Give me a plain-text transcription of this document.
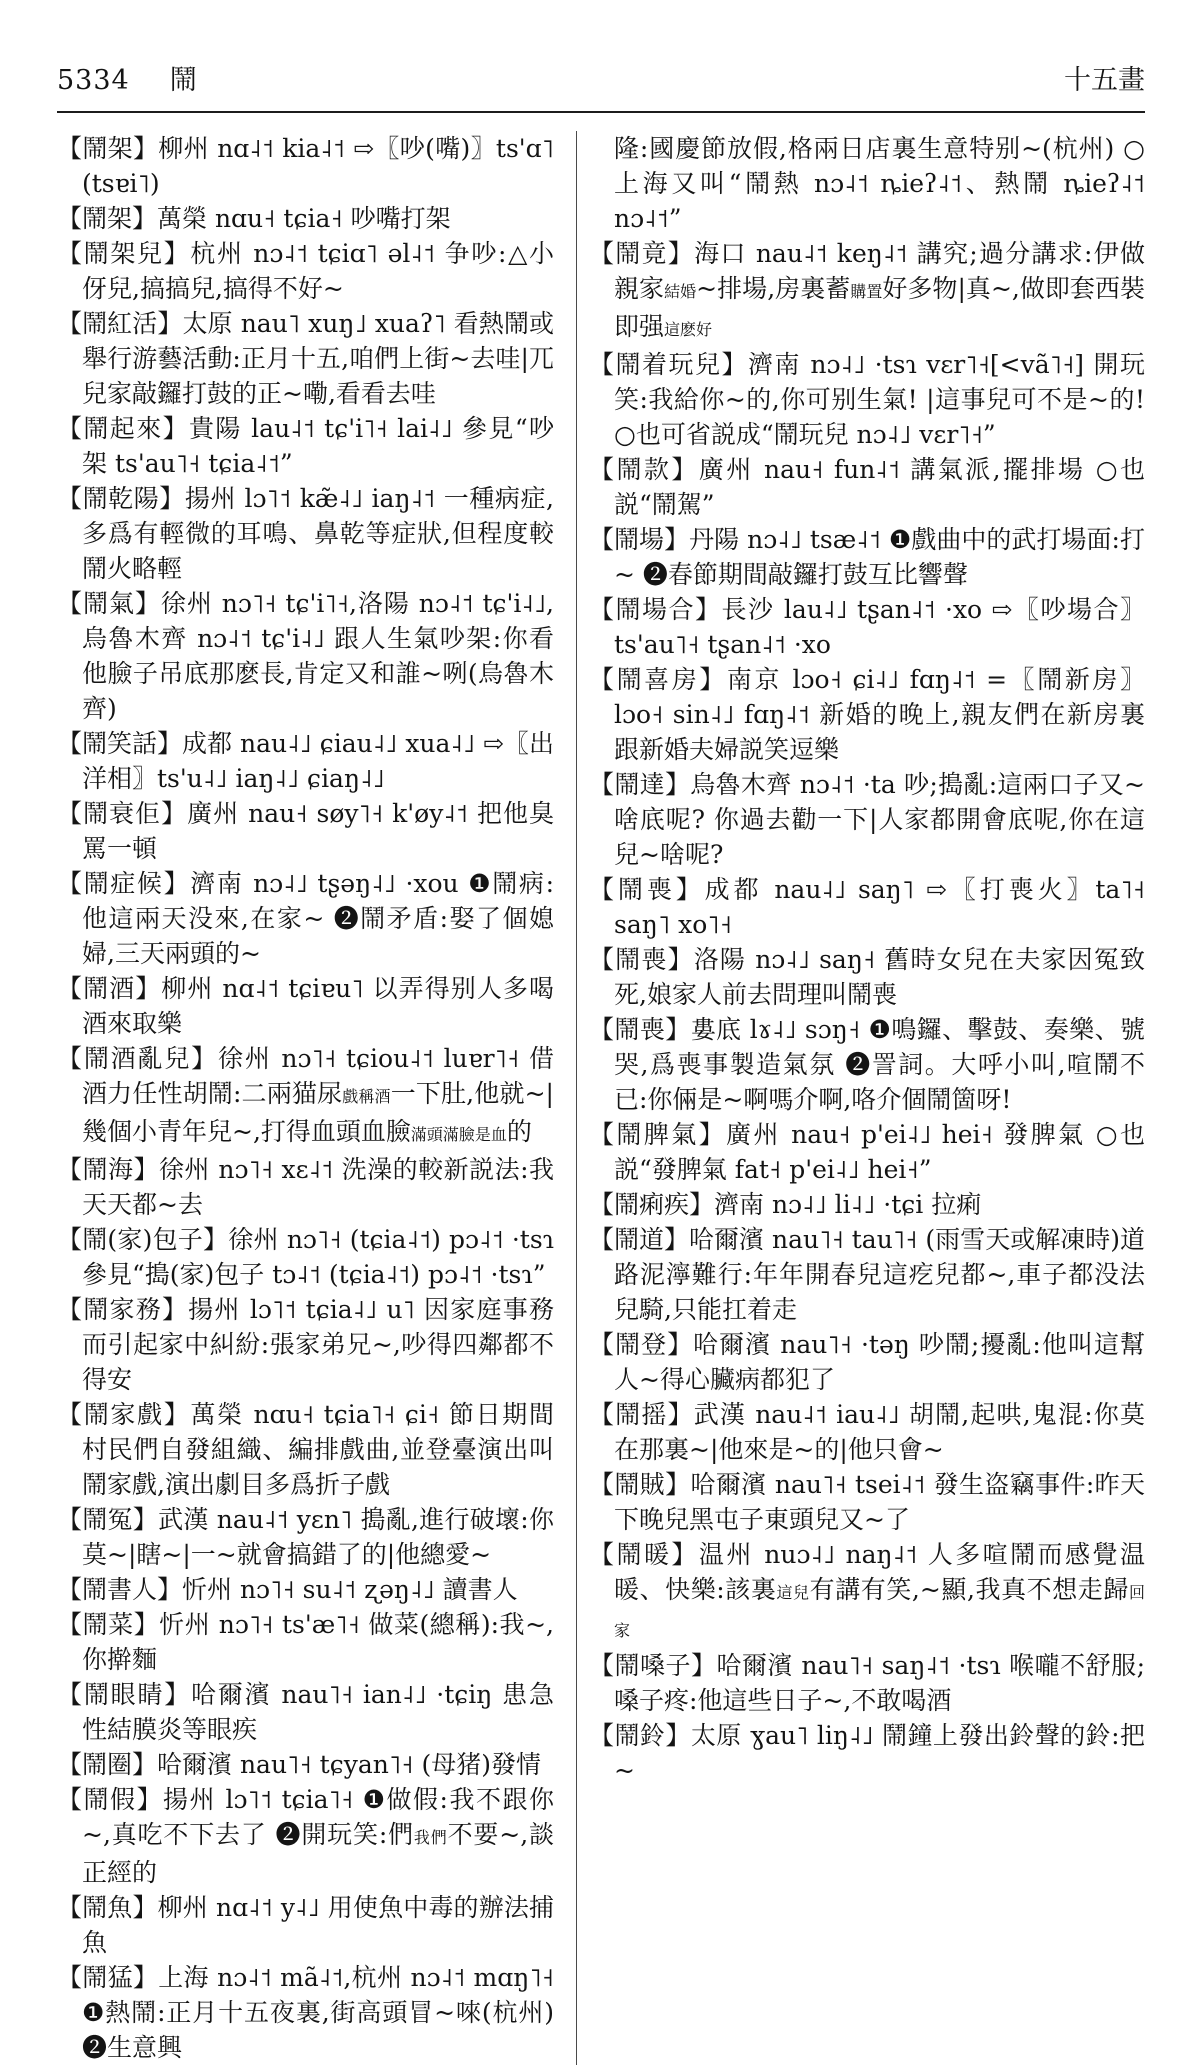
5334 鬧	十五畫
【鬧架】柳州 nɑ˨˦ kia˨˦ ⇨〖吵(嘴)〗ts'ɑ˥ (tsɐi˥)
【鬧架】萬榮 nɑu˧ tɕia˧ 吵嘴打架
【鬧架兒】杭州 nɔ˨˦ tɕiɑ˥ əl˨˦ 争吵:△小伢兒,搞搞兒,搞得不好~
【鬧紅活】太原 nau˥ xuŋ˩ xuaʔ˥ 看熱鬧或舉行游藝活動:正月十五,咱們上街~去哇|兀兒家敲鑼打鼓的正~嘞,看看去哇
【鬧起來】貴陽 lau˨˦ tɕ'i˥˧ lai˨˩ 參見“吵架 ts'au˥˧ tɕia˨˦”
【鬧乾陽】揚州 lɔ˥˦ kæ̃˨˩ iaŋ˨˦ 一種病症,多爲有輕微的耳鳴、鼻乾等症狀,但程度較鬧火略輕
【鬧氣】徐州 nɔ˥˧ tɕ'i˥˧,洛陽 nɔ˨˦ tɕ'i˨˩,烏魯木齊 nɔ˨˦ tɕ'i˨˩ 跟人生氣吵架:你看他臉子吊底那麽長,肯定又和誰~咧(烏魯木齊)
【鬧笑話】成都 nau˨˩ ɕiau˨˩ xua˨˩ ⇨〖出洋相〗ts'u˨˩ iaŋ˨˩ ɕiaŋ˨˩
【鬧衰佢】廣州 nau˧ søy˥˧ k'øy˨˦ 把他臭罵一頓
【鬧症候】濟南 nɔ˨˩ tʂəŋ˨˩ ·xou ❶鬧病:他這兩天没來,在家~ ❷鬧矛盾:娶了個媳婦,三天兩頭的~
【鬧酒】柳州 nɑ˨˦ tɕiɐu˥ 以弄得别人多喝酒來取樂
【鬧酒亂兒】徐州 nɔ˥˧ tɕiou˨˦ luɐr˥˧ 借酒力任性胡鬧:二兩猫尿戲稱酒一下肚,他就~|幾個小青年兒~,打得血頭血臉滿頭滿臉是血的
【鬧海】徐州 nɔ˥˧ xɛ˨˦ 洗澡的較新説法:我天天都~去
【鬧(家)包子】徐州 nɔ˥˧ (tɕia˨˦) pɔ˨˦ ·tsɿ 參見“搗(家)包子 tɔ˨˦ (tɕia˨˦) pɔ˨˦ ·tsɿ”
【鬧家務】揚州 lɔ˥˦ tɕia˨˩ u˥ 因家庭事務而引起家中糾紛:張家弟兄~,吵得四鄰都不得安
【鬧家戲】萬榮 nɑu˧ tɕia˥˧ ɕi˧ 節日期間村民們自發組織、編排戲曲,並登臺演出叫鬧家戲,演出劇目多爲折子戲
【鬧冤】武漢 nau˨˦ yɛn˥ 搗亂,進行破壞:你莫~|瞎~|一~就會搞錯了的|他總愛~
【鬧書人】忻州 nɔ˥˧ su˨˦ ʐəŋ˨˩ 讀書人
【鬧菜】忻州 nɔ˥˧ ts'æ˥˧ 做菜(總稱):我~,你擀麵
【鬧眼睛】哈爾濱 nau˥˧ ian˨˩ ·tɕiŋ 患急性結膜炎等眼疾
【鬧圈】哈爾濱 nau˥˧ tɕyan˥˧ (母猪)發情
【鬧假】揚州 lɔ˥˦ tɕia˥˧ ❶做假:我不跟你~,真吃不下去了 ❷開玩笑:們我們不要~,談正經的
【鬧魚】柳州 nɑ˨˦ y˨˩ 用使魚中毒的辦法捕魚
【鬧猛】上海 nɔ˨˦ mã˨˦,杭州 nɔ˨˦ mɑŋ˥˧ ❶熱鬧:正月十五夜裏,街高頭冒~唻(杭州) ❷生意興
隆:國慶節放假,格兩日店裏生意特别~(杭州) ○上海又叫“鬧熱 nɔ˨˦ ȵieʔ˨˦、熱鬧 ȵieʔ˨˦ nɔ˨˦”
【鬧竟】海口 nau˨˦ keŋ˨˦ 講究;過分講求:伊做親家結婚~排場,房裏蓄購置好多物|真~,做即套西裝即强這麽好
【鬧着玩兒】濟南 nɔ˨˩ ·tsɿ vɛr˥˧[<vã˥˧] 開玩笑:我給你~的,你可别生氣! |這事兒可不是~的! ○也可省説成“鬧玩兒 nɔ˨˩ vɛr˥˧”
【鬧款】廣州 nau˧ fun˨˦ 講氣派,擺排場 ○也説“鬧駕”
【鬧場】丹陽 nɔ˨˩ tsæ˨˦ ❶戲曲中的武打場面:打~ ❷春節期間敲鑼打鼓互比響聲
【鬧場合】長沙 lau˨˩ tʂan˨˦ ·xo ⇨〖吵場合〗ts'au˥˧ tʂan˨˦ ·xo
【鬧喜房】南京 lɔo˧ ɕi˨˩ fɑŋ˨˦ =〖鬧新房〗lɔo˧ sin˨˩ fɑŋ˨˦ 新婚的晚上,親友們在新房裏跟新婚夫婦説笑逗樂
【鬧達】烏魯木齊 nɔ˨˦ ·ta 吵;搗亂:這兩口子又~啥底呢? 你過去勸一下|人家都開會底呢,你在這兒~啥呢?
【鬧喪】成都 nau˨˩ saŋ˥ ⇨〖打喪火〗ta˥˧ saŋ˥ xo˥˧
【鬧喪】洛陽 nɔ˨˩ saŋ˧ 舊時女兒在夫家因冤致死,娘家人前去問理叫鬧喪
【鬧喪】婁底 lɤ˨˩ sɔŋ˧ ❶鳴鑼、擊鼓、奏樂、號哭,爲喪事製造氣氛 ❷詈詞。大呼小叫,喧鬧不已:你倆是~啊嗎介啊,咯介個鬧箇呀!
【鬧脾氣】廣州 nau˧ p'ei˨˩ hei˧ 發脾氣 ○也説“發脾氣 fat˧ p'ei˨˩ hei˧”
【鬧痢疾】濟南 nɔ˨˩ li˨˩ ·tɕi 拉痢
【鬧道】哈爾濱 nau˥˧ tau˥˧ (雨雪天或解凍時)道路泥濘難行:年年開春兒這疙兒都~,車子都没法兒騎,只能扛着走
【鬧登】哈爾濱 nau˥˧ ·təŋ 吵鬧;擾亂:他叫這幫人~得心臟病都犯了
【鬧摇】武漢 nau˨˦ iau˨˩ 胡鬧,起哄,鬼混:你莫在那裏~|他來是~的|他只會~
【鬧賊】哈爾濱 nau˥˧ tsei˨˦ 發生盗竊事件:昨天下晚兒黑屯子東頭兒又~了
【鬧暖】温州 nuɔ˨˩ naŋ˨˦ 人多喧鬧而感覺温暖、快樂:該裏這兒有講有笑,~顯,我真不想走歸回家
【鬧嗓子】哈爾濱 nau˥˧ saŋ˨˦ ·tsɿ 喉嚨不舒服;嗓子疼:他這些日子~,不敢喝酒
【鬧鈴】太原 ɣau˥ liŋ˨˩ 鬧鐘上發出鈴聲的鈴:把~
